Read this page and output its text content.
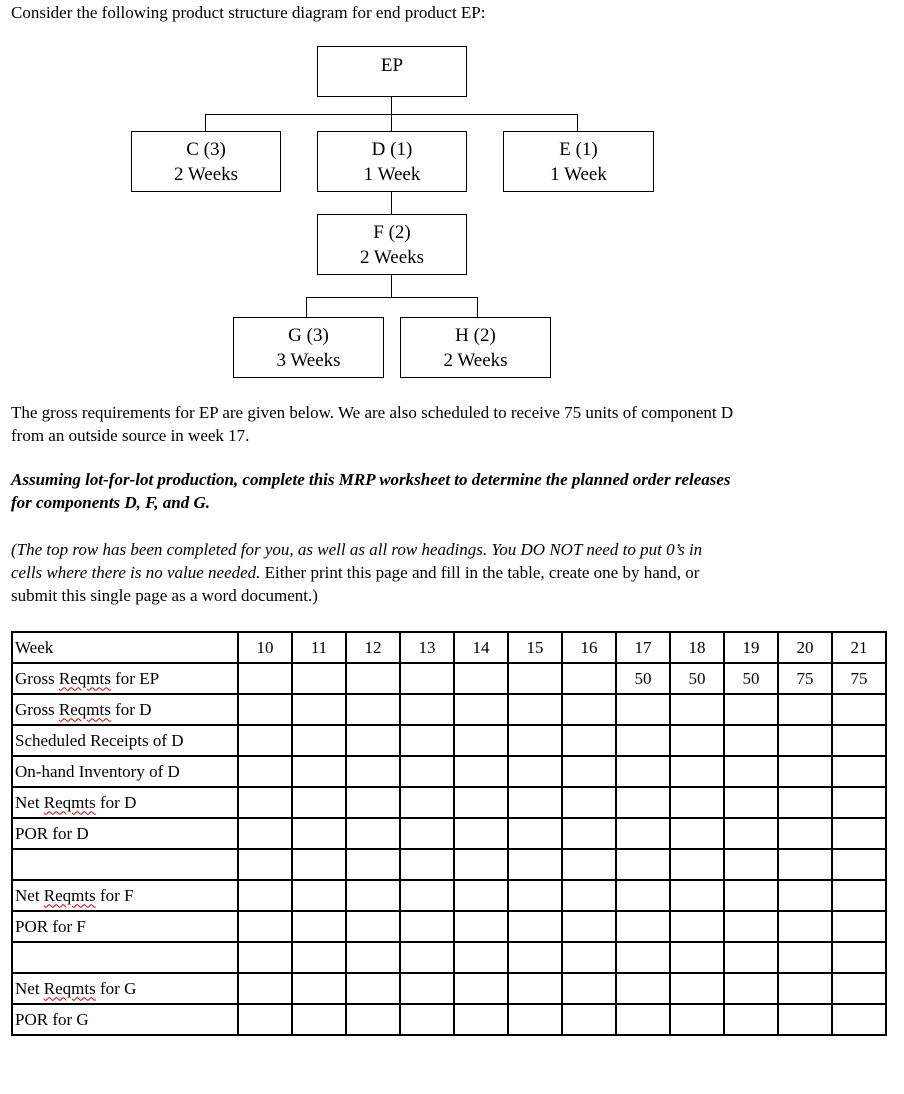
Consider the following product structure diagram for end product EP:
EP
C (3)
2 Weeks
D (1)
1 Week
E (1)
1 Week
F (2)
2 Weeks
G (3)
3 Weeks
H (2)
2 Weeks
The gross requirements for EP are given below. We are also scheduled to receive 75 units of component D
from an outside source in week 17.
Assuming lot-for-lot production, complete this MRP worksheet to determine the planned order releases
for components D, F, and G.
(The top row has been completed for you, as well as all row headings. You DO NOT need to put 0’s in
cells where there is no value needed. Either print this page and fill in the table, create one by hand, or
submit this single page as a word document.)
Week	10	11	12	13	14	15	16	17	18	19	20	21
Gross Reqmts for EP								50	50	50	75	75
Gross Reqmts for D												
Scheduled Receipts of D												
On-hand Inventory of D												
Net Reqmts for D												
POR for D												

Net Reqmts for F												
POR for F												

Net Reqmts for G												
POR for G												
